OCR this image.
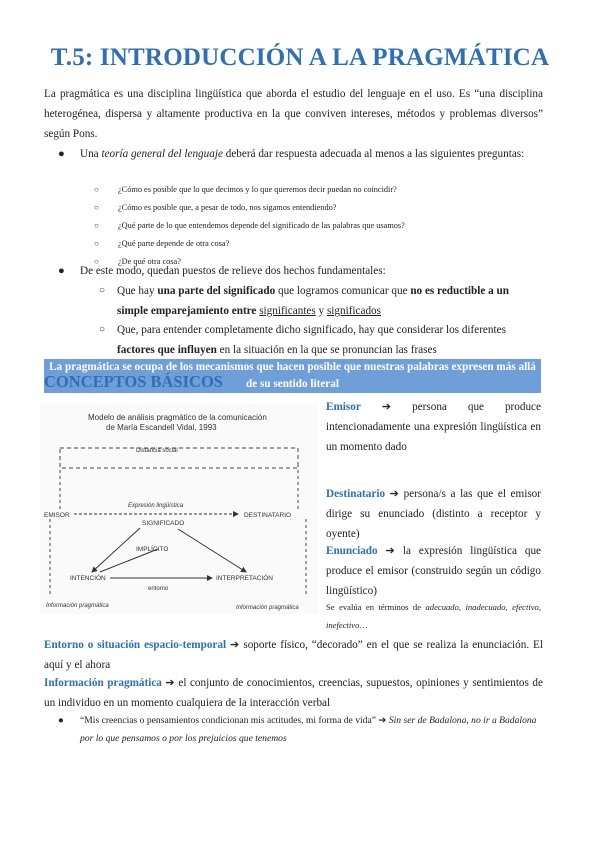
T.5: INTRODUCCIÓN A LA PRAGMÁTICA

La pragmática es una disciplina lingüística que aborda el estudio del lenguaje en el uso. Es “una disciplina heterogénea, dispersa y altamente productiva en la que conviven intereses, métodos y problemas diversos” según Pons.

● Una teoría general del lenguaje deberá dar respuesta adecuada al menos a las siguientes preguntas:
○ ¿Cómo es posible que lo que decimos y lo que queremos decir puedan no coincidir?
○ ¿Cómo es posible que, a pesar de todo, nos sigamos entendiendo?
○ ¿Qué parte de lo que entendemos depende del significado de las palabras que usamos?
○ ¿Qué parte depende de otra cosa?
○ ¿De qué otra cosa?
● De este modo, quedan puestos de relieve dos hechos fundamentales:
○ Que hay una parte del significado que logramos comunicar que no es reductible a un simple emparejamiento entre significantes y significados
○ Que, para entender completamente dicho significado, hay que considerar los diferentes factores que influyen en la situación en la que se pronuncian las frases
La pragmática se ocupa de los mecanismos que hacen posible que nuestras palabras expresen más allá de su sentido literal
CONCEPTOS BÁSICOS
Modelo de análisis pragmático de la comunicación
de María Escandell Vidal, 1993
Distancia social
EMISOR
Expresión lingüística
DESTINATARIO
SIGNIFICADO
IMPLÍCITO
INTENCIÓN	INTERPRETACIÓN
entorno
Información pragmática	Información pragmática
Emisor ➔ persona que produce intencionadamente una expresión lingüística en un momento dado
Destinatario ➔ persona/s a las que el emisor dirige su enunciado (distinto a receptor y oyente)
Enunciado ➔ la expresión lingüística que produce el emisor (construido según un código lingüístico)
Se evalúa en términos de adecuado, inadecuado, efectivo, inefectivo…

Entorno o situación espacio-temporal ➔ soporte físico, “decorado” en el que se realiza la enunciación. El aquí y el ahora

Información pragmática ➔ el conjunto de conocimientos, creencias, supuestos, opiniones y sentimientos de un individuo en un momento cualquiera de la interacción verbal

● “Mis creencias o pensamientos condicionan mis actitudes, mi forma de vida” ➔ Sin ser de Badalona, no ir a Badalona por lo que pensamos o por los prejuicios que tenemos
